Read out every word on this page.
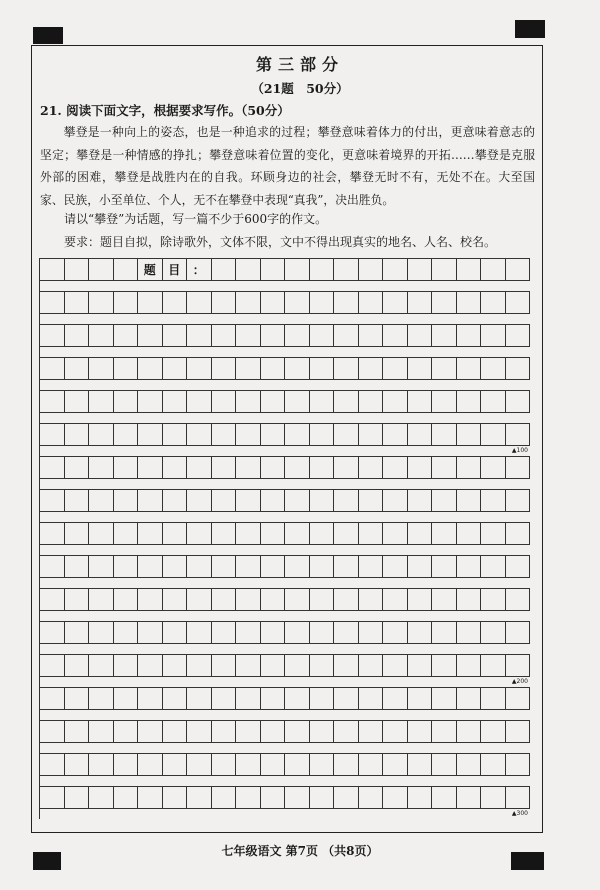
第三部分
（21题　50分）
21. 阅读下面文字，根据要求写作。（50分）
攀登是一种向上的姿态，也是一种追求的过程；攀登意味着体力的付出，更意味着意志的坚定；攀登是一种情感的挣扎；攀登意味着位置的变化，更意味着境界的开拓……攀登是克服外部的困难，攀登是战胜内在的自我。环顾身边的社会，攀登无时不有，无处不在。大至国家、民族，小至单位、个人，无不在攀登中表现“真我”，决出胜负。
请以“攀登”为话题，写一篇不少于600字的作文。
要求：题目自拟，除诗歌外，文体不限，文中不得出现真实的地名、人名、校名。
题	目	：
▲100
▲200
▲300
七年级语文 第7页 （共8页）
